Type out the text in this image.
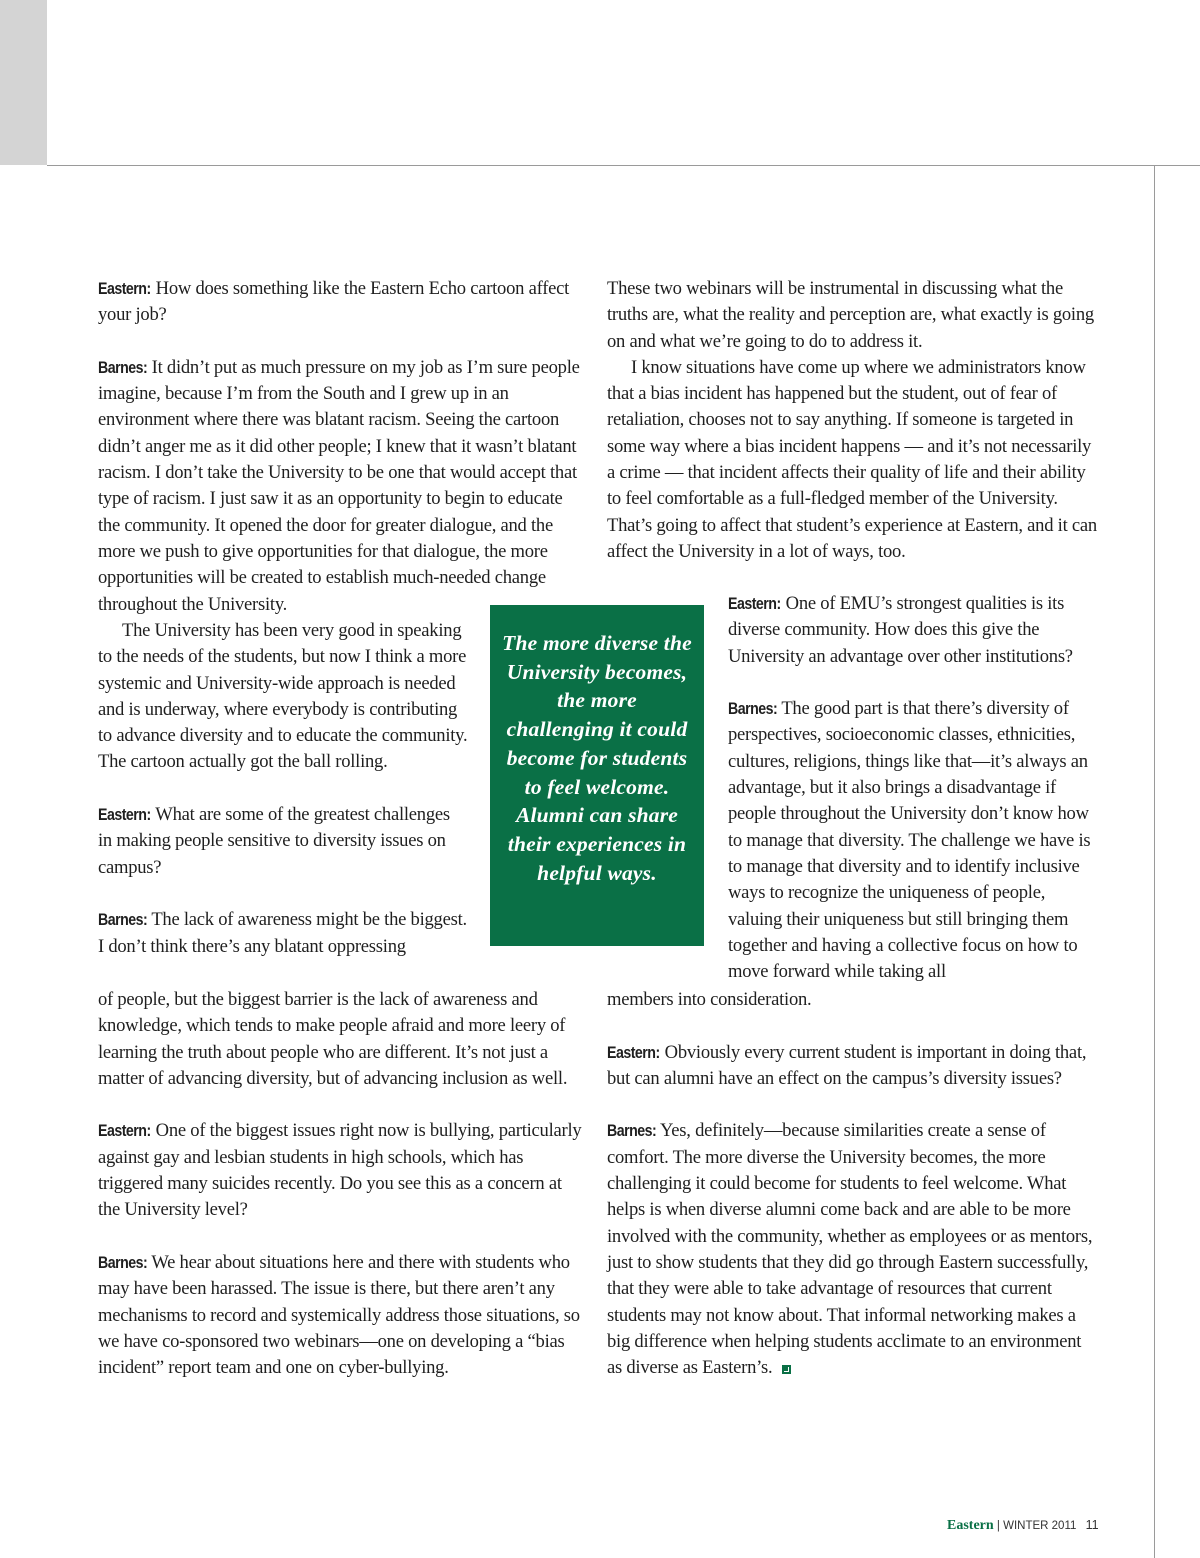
Eastern: How does something like the Eastern Echo cartoon affect your job?

Barnes: It didn’t put as much pressure on my job as I’m sure people imagine, because I’m from the South and I grew up in an environment where there was blatant racism. Seeing the cartoon didn’t anger me as it did other people; I knew that it wasn’t blatant racism. I don’t take the University to be one that would accept that type of racism. I just saw it as an opportunity to begin to educate the community. It opened the door for greater dialogue, and the more we push to give opportunities for that dialogue, the more opportunities will be created to establish much-needed change throughout the University.

The University has been very good in speaking to the needs of the students, but now I think a more systemic and University-wide approach is needed and is underway, where everybody is contributing to advance diversity and to educate the community. The cartoon actually got the ball rolling.

Eastern: What are some of the greatest challenges in making people sensitive to diversity issues on campus?

Barnes: The lack of awareness might be the biggest. I don’t think there’s any blatant oppressing

of people, but the biggest barrier is the lack of awareness and knowledge, which tends to make people afraid and more leery of learning the truth about people who are different. It’s not just a matter of advancing diversity, but of advancing inclusion as well.

Eastern: One of the biggest issues right now is bullying, particularly against gay and lesbian students in high schools, which has triggered many suicides recently. Do you see this as a concern at the University level?

Barnes: We hear about situations here and there with students who may have been harassed. The issue is there, but there aren’t any mechanisms to record and systemically address those situations, so we have co-sponsored two webinars—one on developing a “bias incident” report team and one on cyber-bullying.

These two webinars will be instrumental in discussing what the truths are, what the reality and perception are, what exactly is going on and what we’re going to do to address it.

I know situations have come up where we administrators know that a bias incident has happened but the student, out of fear of retaliation, chooses not to say anything. If someone is targeted in some way where a bias incident happens — and it’s not necessarily a crime — that incident affects their quality of life and their ability to feel comfortable as a full-fledged member of the University. That’s going to affect that student’s experience at Eastern, and it can affect the University in a lot of ways, too.

Eastern: One of EMU’s strongest qualities is its diverse community. How does this give the University an advantage over other institutions?

Barnes: The good part is that there’s diversity of perspectives, socioeconomic classes, ethnicities, cultures, religions, things like that—it’s always an advantage, but it also brings a disadvantage if people throughout the University don’t know how to manage that diversity. The challenge we have is to manage that diversity and to identify inclusive ways to recognize the uniqueness of people, valuing their uniqueness but still bringing them together and having a collective focus on how to move forward while taking all

members into consideration.

Eastern: Obviously every current student is important in doing that, but can alumni have an effect on the campus’s diversity issues?

Barnes: Yes, definitely—because similarities create a sense of comfort. The more diverse the University becomes, the more challenging it could become for students to feel welcome. What helps is when diverse alumni come back and are able to be more involved with the community, whether as employees or as mentors, just to show students that they did go through Eastern successfully, that they were able to take advantage of resources that current students may not know about. That informal networking makes a big difference when helping students acclimate to an environment as diverse as Eastern’s.

The more diverse the University becomes, the more challenging it could become for students to feel welcome. Alumni can share their experiences in helpful ways.
Eastern | WINTER 2011 11
